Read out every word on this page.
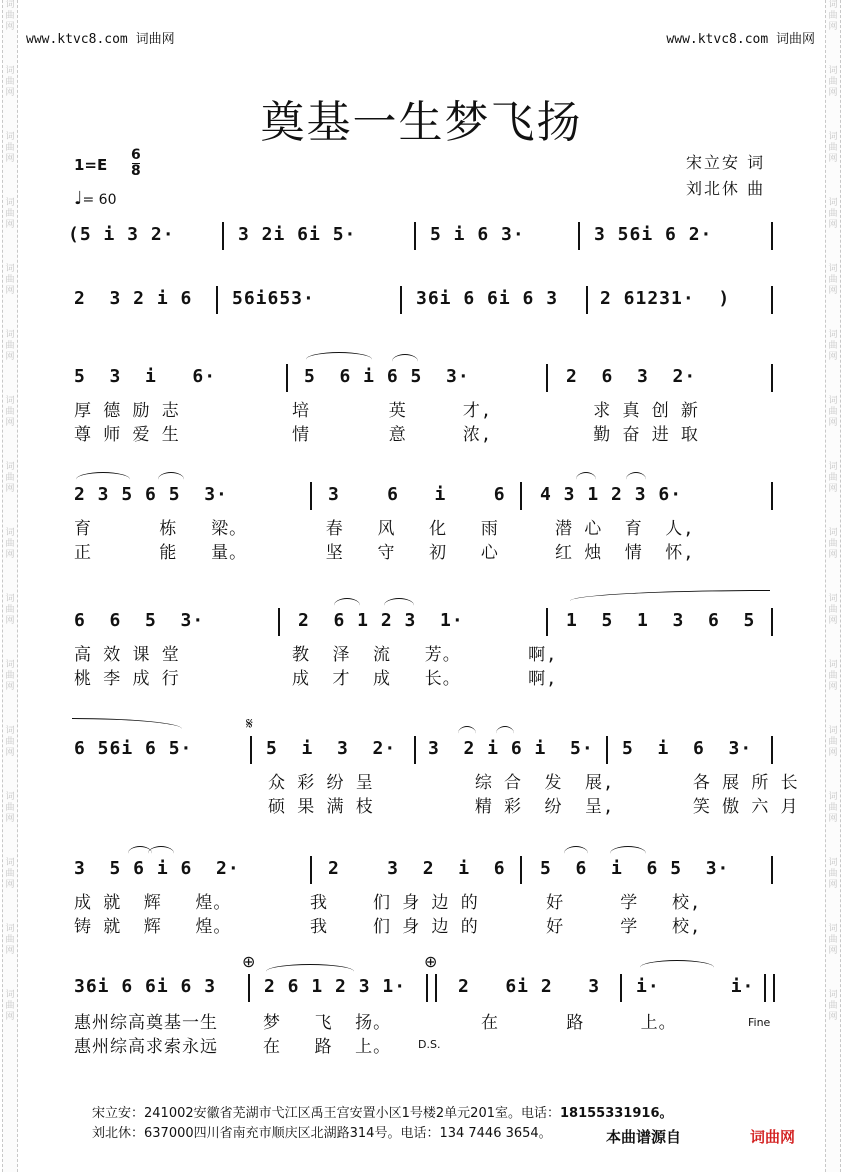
词
曲
网

词
曲
网

词
曲
网

词
曲
网

词
曲
网

词
曲
网

词
曲
网

词
曲
网

词
曲
网

词
曲
网

词
曲
网

词
曲
网

词
曲
网

词
曲
网

词
曲
网

词
曲
网
词
曲
网

词
曲
网

词
曲
网

词
曲
网

词
曲
网

词
曲
网

词
曲
网

词
曲
网

词
曲
网

词
曲
网

词
曲
网

词
曲
网

词
曲
网

词
曲
网

词
曲
网

词
曲
网
www.ktvc8.com 词曲网	www.ktvc8.com 词曲网
奠基一生梦飞扬
宋立安 词
刘北休 曲
1=E
6
8
♩= 60
(5 i 3 2·	3 2i 6i 5·	5 i 6 3·	3 56i 6 2·
2  3 2 i 6 56i653·	36i 6 6i 6 3 2 61231·  )
5  3  i   6·	5  6 i 6 5  3·	2  6  3  2·
厚 德 励 志          培       英     才,         求 真 创 新
尊 师 爱 生          情       意     浓,         勤 奋 进 取
2 3 5 6 5  3·	3    6   i    6 4 3 1 2 3 6·
育      栋   梁。       春   风   化   雨     潜 心  育  人,
正      能   量。       坚   守   初   心     红 烛  情  怀,
6  6  5  3·	2  6 1 2 3  1·	1  5  1  3  6  5
高 效 课 堂          教  泽  流   芳。      啊,
桃 李 成 行          成  才  成   长。      啊,
𝄋
6 56i 6 5·	5  i  3  2· 3  2 i 6 i  5· 5  i  6  3·
众 彩 纷 呈         综 合  发  展,       各 展 所 长
硕 果 满 枝         精 彩  纷  呈,       笑 傲 六 月
3  5 6 i 6  2·	2    3  2  i  6 5  6  i  6 5  3·
成 就  辉   煌。       我    们 身 边 的      好     学   校,
铸 就  辉   煌。       我    们 身 边 的      好     学   校,
⊕	⊕
36i 6 6i 6 3	2 6 1 2 3 1·	2   6i 2   3 i·      i·
惠州综高奠基一生    梦   飞  扬。        在      路     上。	Fine
惠州综高求索永远    在   路  上。 D.S.
宋立安：241002安徽省芜湖市弋江区禹王宫安置小区1号楼2单元201室。电话：18155331916。
刘北休：637000四川省南充市顺庆区北湖路314号。电话：134 7446 3654。	本曲谱源自	词曲网
